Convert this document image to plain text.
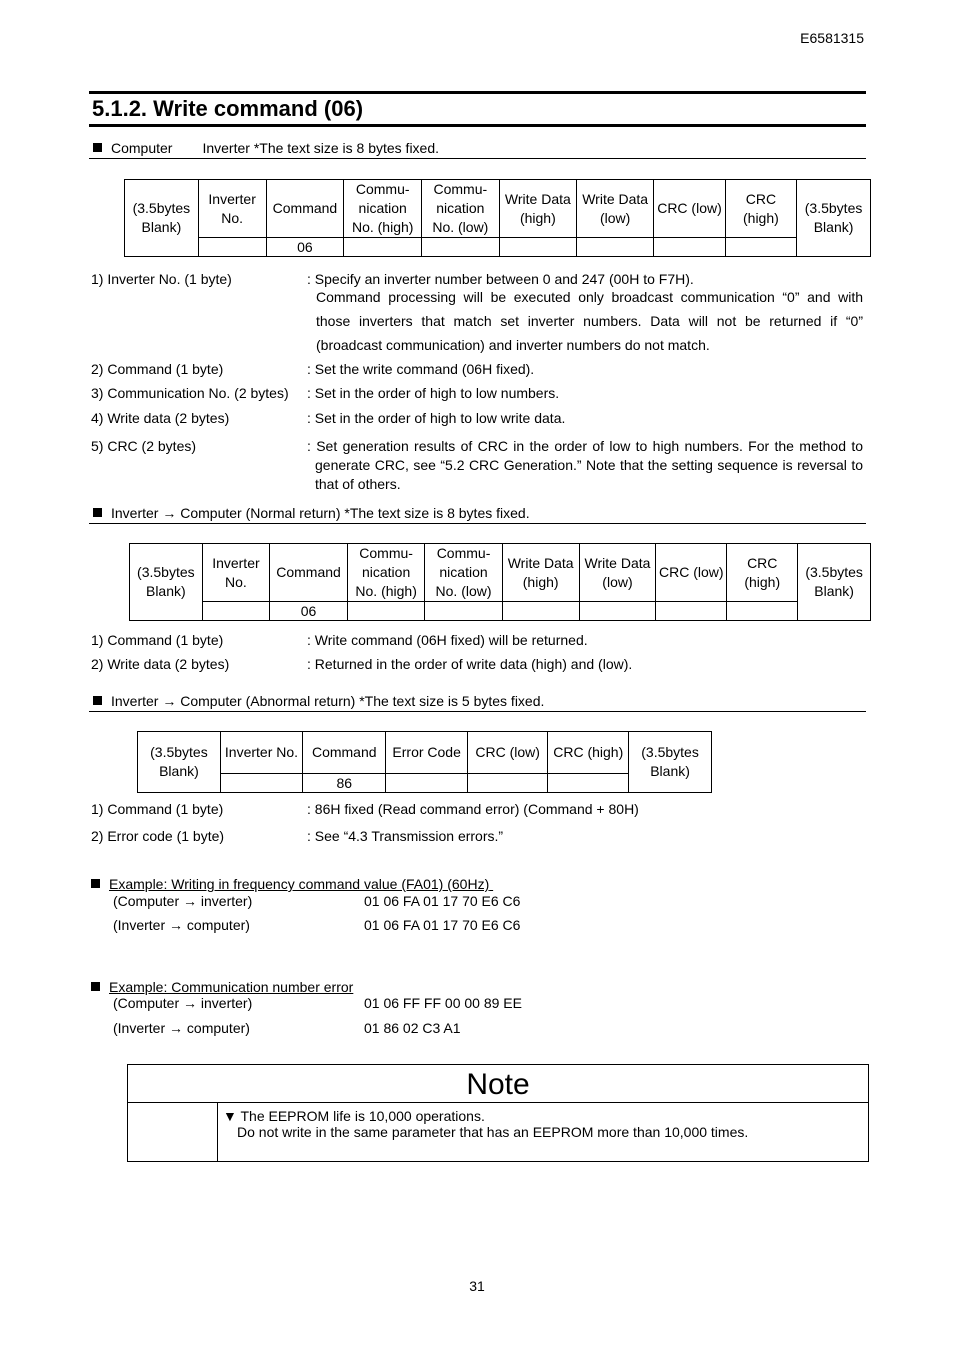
E6581315
5.1.2. Write command (06)
Computer Inverter *The text size is 8 bytes fixed.
(3.5bytes Blank)	Inverter No.	Command	Commu- nication No. (high)	Commu- nication No. (low)	Write Data (high)	Write Data (low)	CRC (low)	CRC (high)	(3.5bytes Blank)
		06							
1) Inverter No. (1 byte)	: Specify an inverter number between 0 and 247 (00H to F7H).

Command processing will be executed only broadcast communication “0” and with those inverters that match set inverter numbers. Data will not be returned if “0” (broadcast communication) and inverter numbers do not match.

2) Command (1 byte)	: Set the write command (06H fixed).
3) Communication No. (2 bytes) : Set in the order of high to low numbers.
4) Write data (2 bytes)	: Set in the order of high to low write data.
5) CRC (2 bytes)	: Set generation results of CRC in the order of low to high numbers. For the method to generate CRC, see “5.2 CRC Generation.” Note that the setting sequence is reversal to that of others.

Inverter → Computer (Normal return) *The text size is 8 bytes fixed.
(3.5bytes Blank)	Inverter No.	Command	Commu- nication No. (high)	Commu- nication No. (low)	Write Data (high)	Write Data (low)	CRC (low)	CRC (high)	(3.5bytes Blank)
		06							
1) Command (1 byte)	: Write command (06H fixed) will be returned.
2) Write data (2 bytes)	: Returned in the order of write data (high) and (low).
Inverter → Computer (Abnormal return) *The text size is 5 bytes fixed.
(3.5bytes Blank)	Inverter No.	Command	Error Code	CRC (low)	CRC (high)	(3.5bytes Blank)
		86				
1) Command (1 byte)	: 86H fixed (Read command error) (Command + 80H)
2) Error code (1 byte)	: See “4.3 Transmission errors.”
Example: Writing in frequency command value (FA01) (60Hz)
(Computer → inverter)	01 06 FA 01 17 70 E6 C6
(Inverter → computer)	01 06 FA 01 17 70 E6 C6
Example: Communication number error
(Computer → inverter)	01 06 FF FF 00 00 89 EE
(Inverter → computer)	01 86 02 C3 A1
Note
▼ The EEPROM life is 10,000 operations.
Do not write in the same parameter that has an EEPROM more than 10,000 times.
31
